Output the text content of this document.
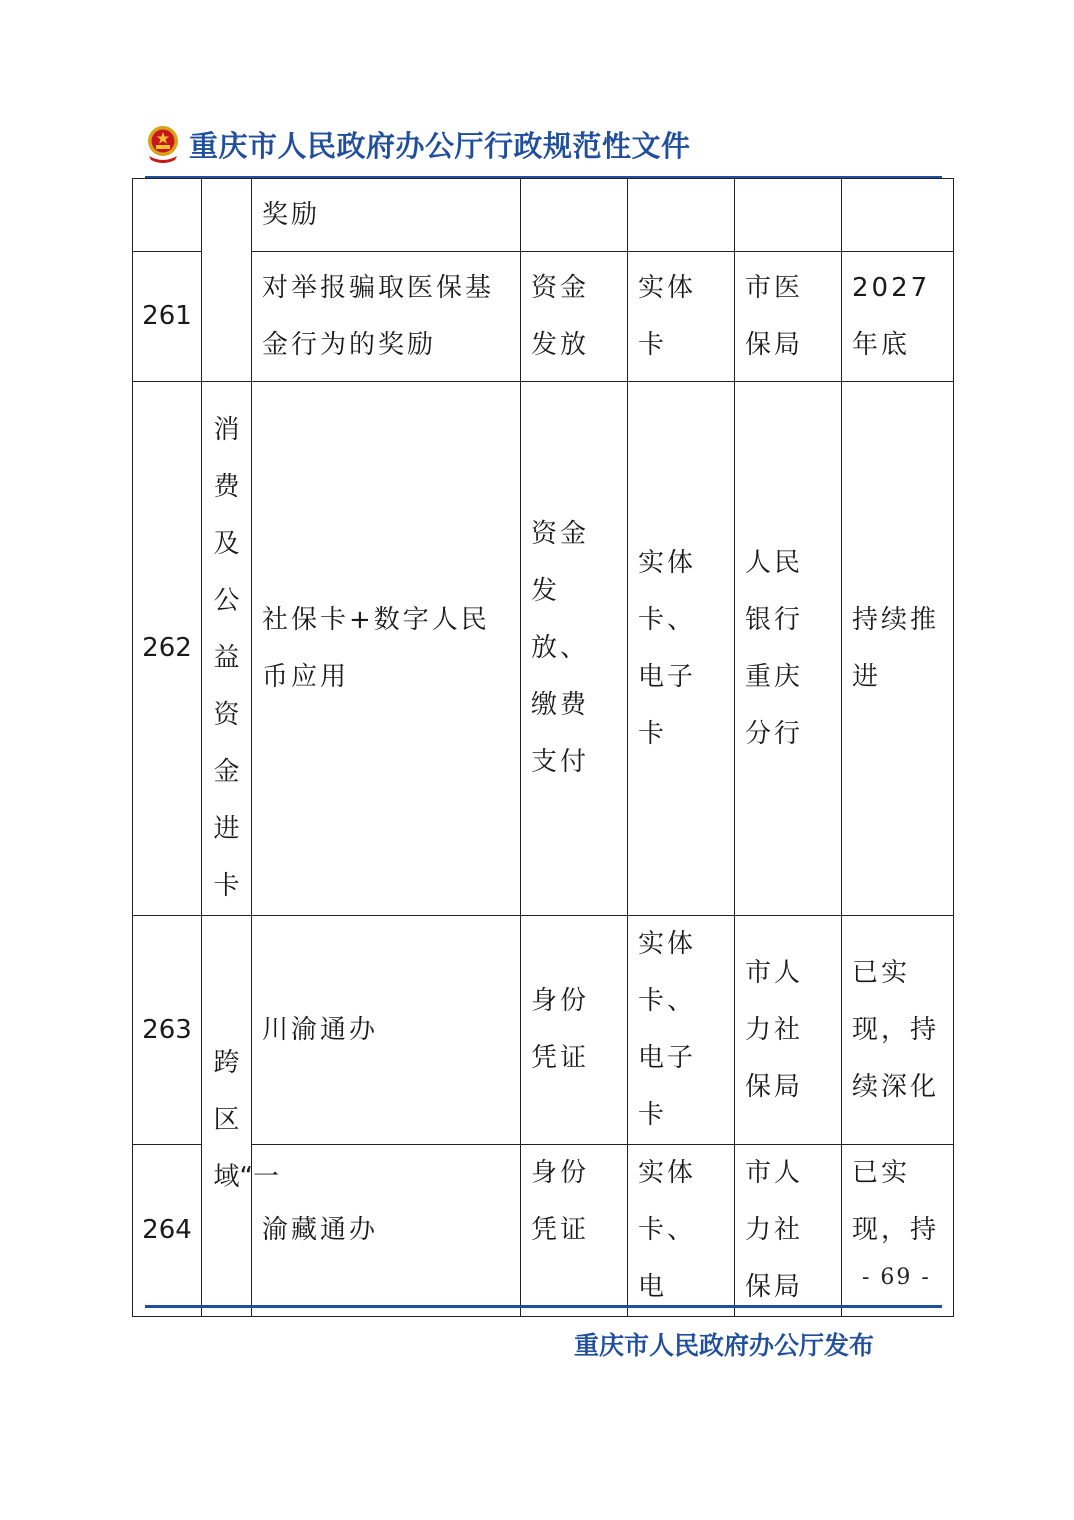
重庆市人民政府办公厅行政规范性文件
		奖励				
261		对举报骗取医保基金行为的奖励	资金发放	实体卡	市医保局	2027 年底
262	消费及公益资金进卡	社保卡+数字人民币应用	资金发放、缴费支付	实体卡、电子卡	人民银行重庆分行	持续推进
263	跨区域“一	川渝通办	身份凭证	实体卡、电子卡	市人力社保局	已实现，持续深化
264		渝藏通办	身份凭证	实体卡、电	市人力社保局	已实现，持
- 69 -
重庆市人民政府办公厅发布
